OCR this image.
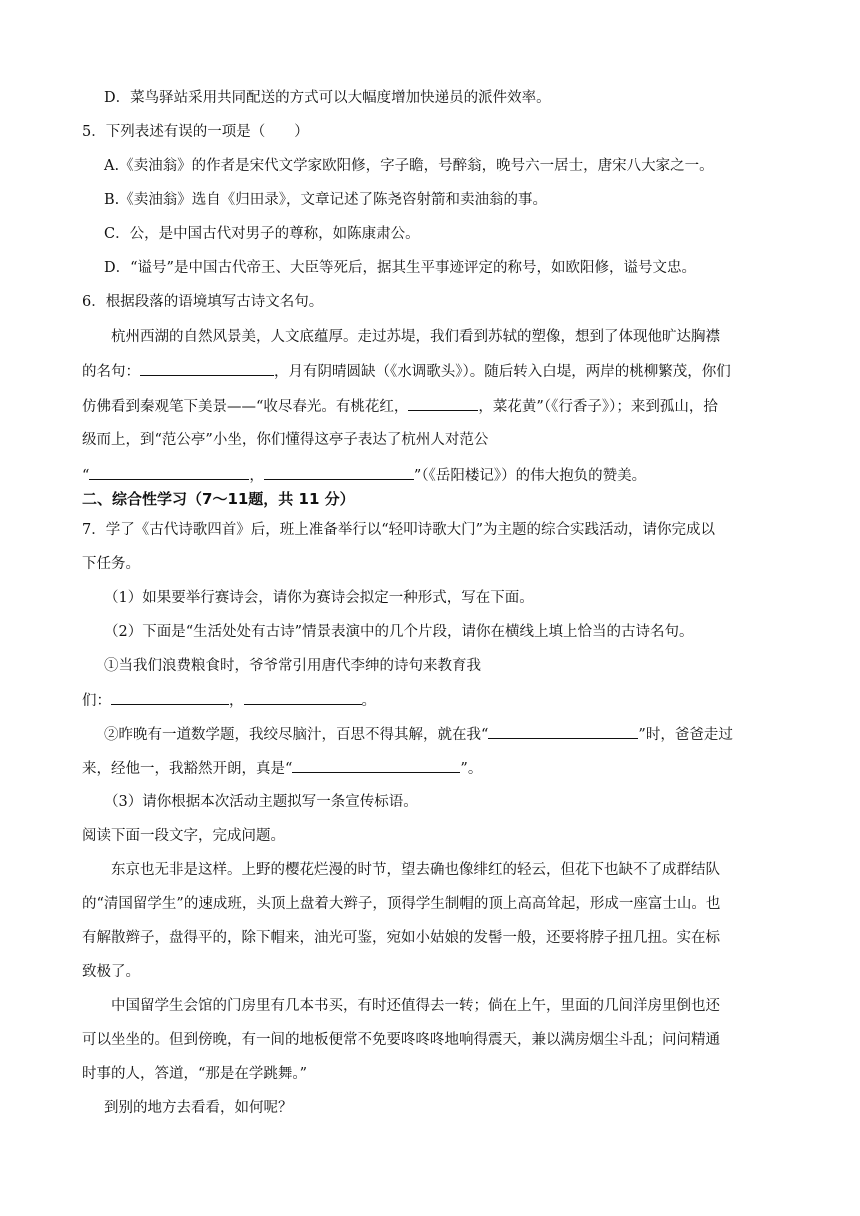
D．菜鸟驿站采用共同配送的方式可以大幅度增加快递员的派件效率。
5．下列表述有误的一项是（　　）
A.《卖油翁》的作者是宋代文学家欧阳修，字子瞻，号醉翁，晚号六一居士，唐宋八大家之一。
B.《卖油翁》选自《归田录》，文章记述了陈尧咨射箭和卖油翁的事。
C．公，是中国古代对男子的尊称，如陈康肃公。
D．“谥号”是中国古代帝王、大臣等死后，据其生平事迹评定的称号，如欧阳修，谥号文忠。
6．根据段落的语境填写古诗文名句。
杭州西湖的自然风景美，人文底蕴厚。走过苏堤，我们看到苏轼的塑像，想到了体现他旷达胸襟
的名句：	，月有阴晴圆缺（《水调歌头》）。随后转入白堤，两岸的桃柳繁茂，你们
仿佛看到秦观笔下美景——“收尽春光。有桃花红，	，菜花黄”（《行香子》）；来到孤山，拾
级而上，到“范公亭”小坐，你们懂得这亭子表达了杭州人对范公
“	，	”（《岳阳楼记》）的伟大抱负的赞美。
二、综合性学习（7～11题，共 11 分）
7．学了《古代诗歌四首》后，班上准备举行以“轻叩诗歌大门”为主题的综合实践活动，请你完成以
下任务。
（1）如果要举行赛诗会，请你为赛诗会拟定一种形式，写在下面。
（2）下面是“生活处处有古诗”情景表演中的几个片段，请你在横线上填上恰当的古诗名句。
①当我们浪费粮食时，爷爷常引用唐代李绅的诗句来教育我
们：	，	。
②昨晚有一道数学题，我绞尽脑汁，百思不得其解，就在我“	”时，爸爸走过
来，经他一，我豁然开朗，真是“	”。
（3）请你根据本次活动主题拟写一条宣传标语。
阅读下面一段文字，完成问题。
东京也无非是这样。上野的樱花烂漫的时节，望去确也像绯红的轻云，但花下也缺不了成群结队
的“清国留学生”的速成班，头顶上盘着大辫子，顶得学生制帽的顶上高高耸起，形成一座富士山。也
有解散辫子，盘得平的，除下帽来，油光可鉴，宛如小姑娘的发髻一般，还要将脖子扭几扭。实在标
致极了。
中国留学生会馆的门房里有几本书买，有时还值得去一转；倘在上午，里面的几间洋房里倒也还
可以坐坐的。但到傍晚，有一间的地板便常不免要咚咚咚地响得震天，兼以满房烟尘斗乱；问问精通
时事的人，答道，“那是在学跳舞。”
到别的地方去看看，如何呢？
